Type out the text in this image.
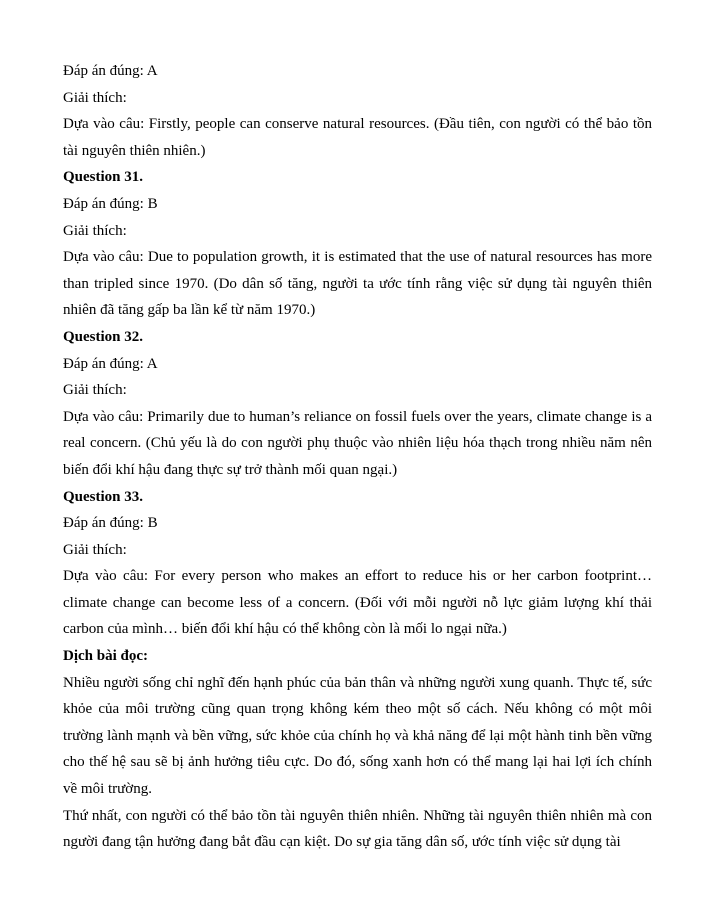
Đáp án đúng: A

Giải thích:

Dựa vào câu: Firstly, people can conserve natural resources. (Đầu tiên, con người có thể bảo tồn tài nguyên thiên nhiên.)

Question 31.

Đáp án đúng: B

Giải thích:

Dựa vào câu: Due to population growth, it is estimated that the use of natural resources has more than tripled since 1970. (Do dân số tăng, người ta ước tính rằng việc sử dụng tài nguyên thiên nhiên đã tăng gấp ba lần kể từ năm 1970.)

Question 32.

Đáp án đúng: A

Giải thích:

Dựa vào câu: Primarily due to human’s reliance on fossil fuels over the years, climate change is a real concern. (Chủ yếu là do con người phụ thuộc vào nhiên liệu hóa thạch trong nhiều năm nên biến đổi khí hậu đang thực sự trở thành mối quan ngại.)

Question 33.

Đáp án đúng: B

Giải thích:

Dựa vào câu: For every person who makes an effort to reduce his or her carbon footprint… climate change can become less of a concern. (Đối với mỗi người nỗ lực giảm lượng khí thải carbon của mình… biến đổi khí hậu có thể không còn là mối lo ngại nữa.)

Dịch bài đọc:

Nhiều người sống chỉ nghĩ đến hạnh phúc của bản thân và những người xung quanh. Thực tế, sức khỏe của môi trường cũng quan trọng không kém theo một số cách. Nếu không có một môi trường lành mạnh và bền vững, sức khỏe của chính họ và khả năng để lại một hành tinh bền vững cho thế hệ sau sẽ bị ảnh hưởng tiêu cực. Do đó, sống xanh hơn có thể mang lại hai lợi ích chính về môi trường.

Thứ nhất, con người có thể bảo tồn tài nguyên thiên nhiên. Những tài nguyên thiên nhiên mà con người đang tận hưởng đang bắt đầu cạn kiệt. Do sự gia tăng dân số, ước tính việc sử dụng tài
